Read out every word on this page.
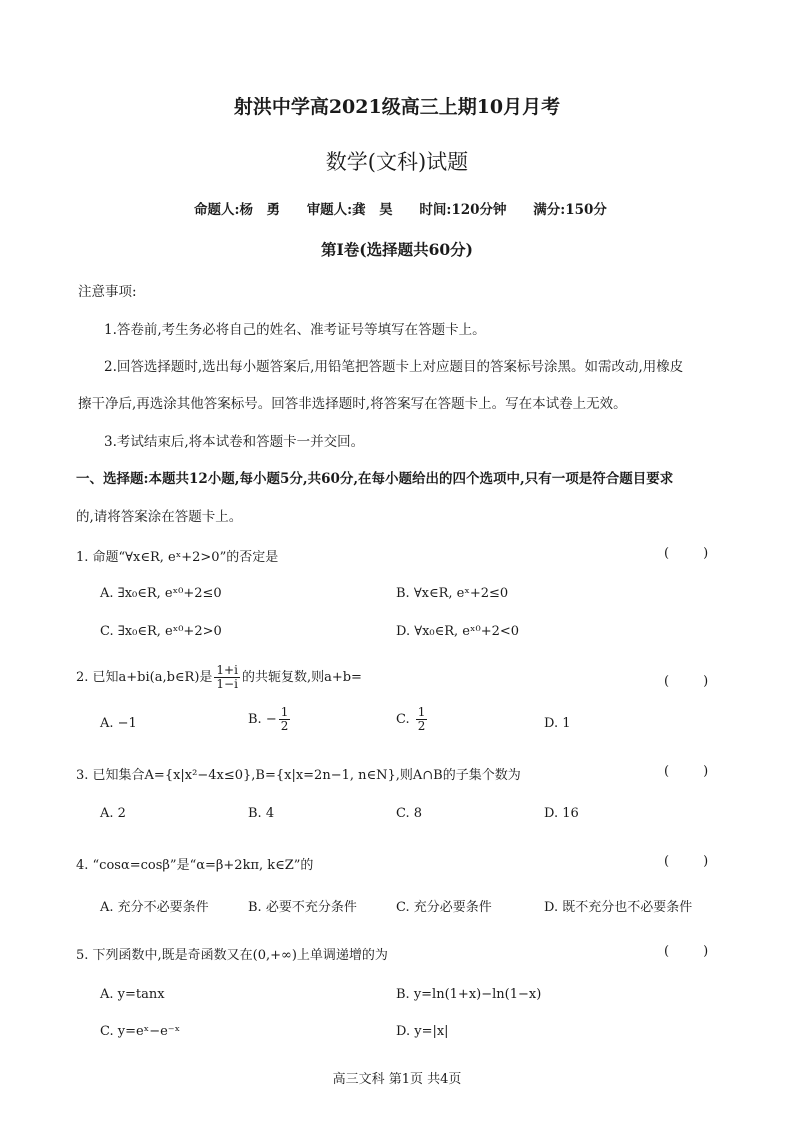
射洪中学高2021级高三上期10月月考
数学(文科)试题
命题人:杨　勇 审题人:龚　昊 时间:120分钟 满分:150分
第Ⅰ卷(选择题共60分)
注意事项:
1.答卷前,考生务必将自己的姓名、准考证号等填写在答题卡上。
2.回答选择题时,选出每小题答案后,用铅笔把答题卡上对应题目的答案标号涂黑。如需改动,用橡皮
擦干净后,再选涂其他答案标号。回答非选择题时,将答案写在答题卡上。写在本试卷上无效。
3.考试结束后,将本试卷和答题卡一并交回。
一、选择题:本题共12小题,每小题5分,共60分,在每小题给出的四个选项中,只有一项是符合题目要求
的,请将答案涂在答题卡上。
1. 命题“∀x∈R, eˣ+2>0”的否定是	(	)
A. ∃x₀∈R, eˣ⁰+2≤0	B. ∀x∈R, eˣ+2≤0
C. ∃x₀∈R, eˣ⁰+2>0	D. ∀x₀∈R, eˣ⁰+2<0
2. 已知a+bi(a,b∈R)是 $\frac{1+i}{1-i}$ 的共轭复数,则a+b=	(	)
A. −1	B. − $\frac{1}{2}$	C. $\frac{1}{2}$	D. 1
3. 已知集合A={x|x²−4x≤0},B={x|x=2n−1, n∈N},则A∩B的子集个数为	(	)
A. 2	B. 4	C. 8	D. 16
4. “cosα=cosβ”是“α=β+2kπ, k∈Z”的	(	)
A. 充分不必要条件	B. 必要不充分条件	C. 充分必要条件	D. 既不充分也不必要条件
5. 下列函数中,既是奇函数又在(0,+∞)上单调递增的为	(	)
A. y=tanx	B. y=ln(1+x)−ln(1−x)
C. y=eˣ−e⁻ˣ	D. y=|x|
高三文科 第1页 共4页
